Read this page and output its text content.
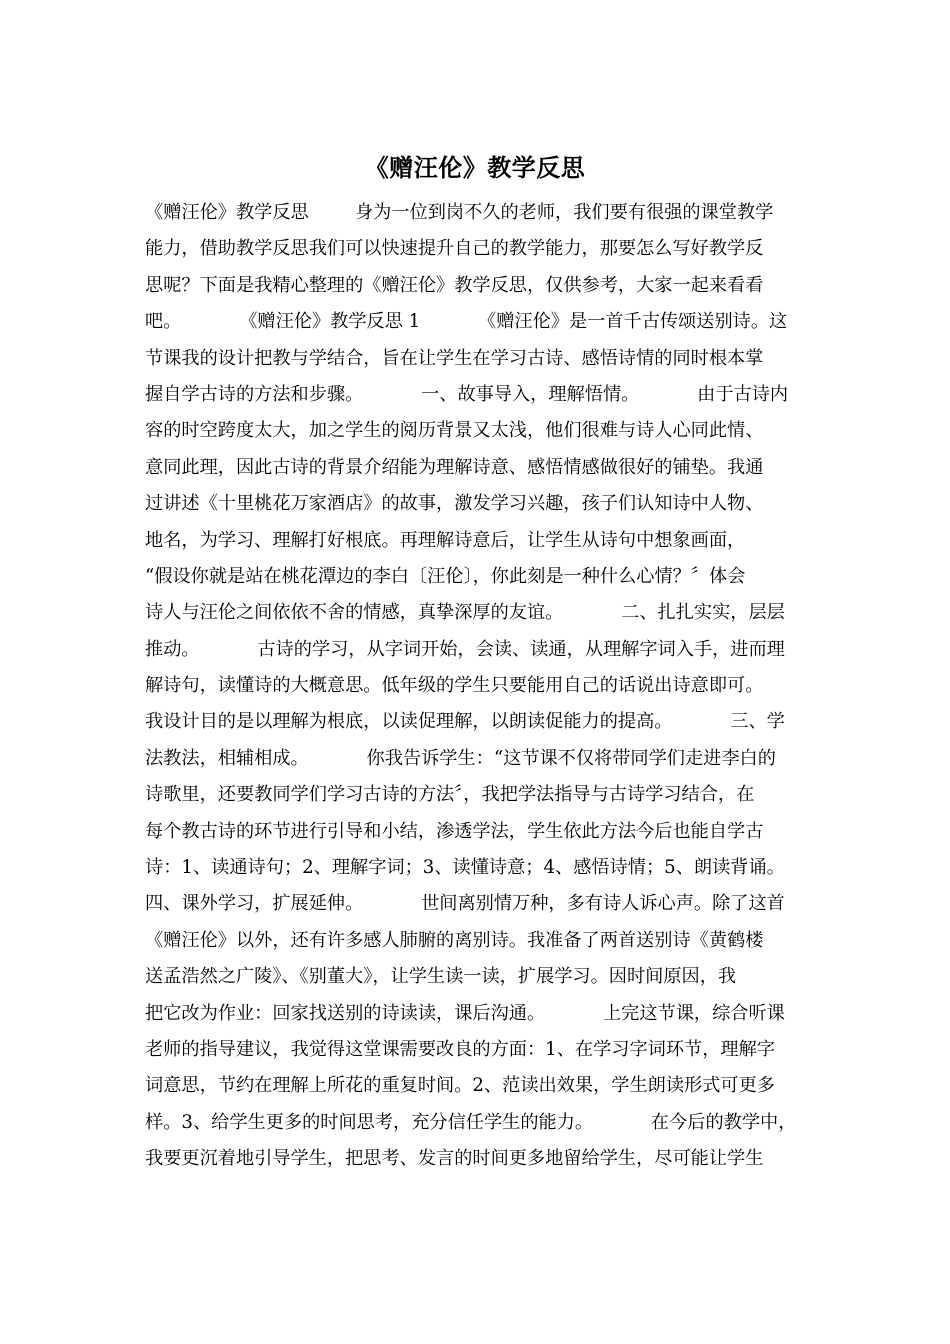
《赠汪伦》教学反思
《赠汪伦》教学反思        身为一位到岗不久的老师，我们要有很强的课堂教学
能力，借助教学反思我们可以快速提升自己的教学能力，那要怎么写好教学反
思呢？下面是我精心整理的《赠汪伦》教学反思，仅供参考，大家一起来看看
吧。          《赠汪伦》教学反思 1          《赠汪伦》是一首千古传颂送别诗。这
节课我的设计把教与学结合，旨在让学生在学习古诗、感悟诗情的同时根本掌
握自学古诗的方法和步骤。          一、故事导入，理解悟情。          由于古诗内
容的时空跨度太大，加之学生的阅历背景又太浅，他们很难与诗人心同此情、
意同此理，因此古诗的背景介绍能为理解诗意、感悟情感做很好的铺垫。我通
过讲述《十里桃花万家酒店》的故事，激发学习兴趣，孩子们认知诗中人物、
地名，为学习、理解打好根底。再理解诗意后，让学生从诗句中想象画面，
“假设你就是站在桃花潭边的李白〔汪伦〕，你此刻是一种什么心情？〞体会
诗人与汪伦之间依依不舍的情感，真挚深厚的友谊。          二、扎扎实实，层层
推动。          古诗的学习，从字词开始，会读、读通，从理解字词入手，进而理
解诗句，读懂诗的大概意思。低年级的学生只要能用自己的话说出诗意即可。
我设计目的是以理解为根底，以读促理解，以朗读促能力的提高。          三、学
法教法，相辅相成。          你我告诉学生：“这节课不仅将带同学们走进李白的
诗歌里，还要教同学们学习古诗的方法〞，我把学法指导与古诗学习结合，在
每个教古诗的环节进行引导和小结，渗透学法，学生依此方法今后也能自学古
诗：1、读通诗句；2、理解字词；3、读懂诗意；4、感悟诗情；5、朗读背诵。
四、课外学习，扩展延伸。          世间离别情万种，多有诗人诉心声。除了这首
《赠汪伦》以外，还有许多感人肺腑的离别诗。我准备了两首送别诗《黄鹤楼
送孟浩然之广陵》、《别董大》，让学生读一读，扩展学习。因时间原因，我
把它改为作业：回家找送别的诗读读，课后沟通。          上完这节课，综合听课
老师的指导建议，我觉得这堂课需要改良的方面：1、在学习字词环节，理解字
词意思，节约在理解上所花的重复时间。2、范读出效果，学生朗读形式可更多
样。3、给学生更多的时间思考，充分信任学生的能力。          在今后的教学中，
我要更沉着地引导学生，把思考、发言的时间更多地留给学生，尽可能让学生
